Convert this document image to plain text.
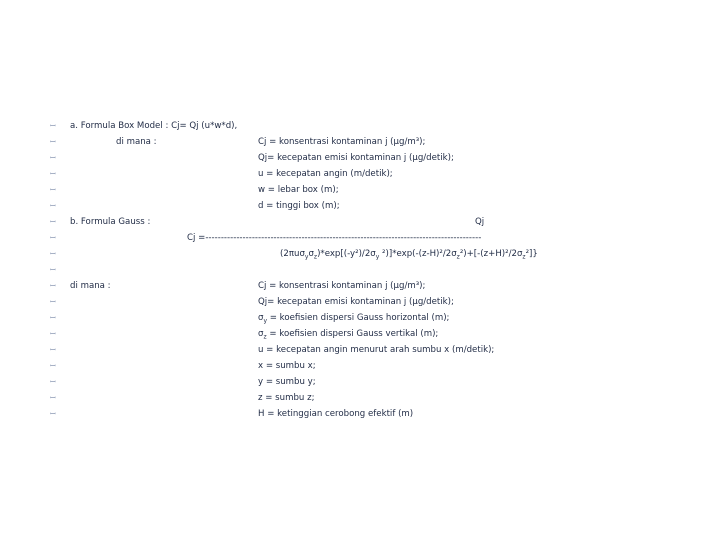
ꟷ a. Formula Box Model : Cj= Qj (u*w*d),
ꟷ	di mana :	Cj = konsentrasi kontaminan j (µg/m³);
ꟷ	Qj= kecepatan emisi kontaminan j (µg/detik);
ꟷ	u = kecepatan angin (m/detik);
ꟷ	w = lebar box (m);
ꟷ	d = tinggi box (m);
ꟷ b. Formula Gauss :	Qj
ꟷ	Cj =-----------------------------------------------------------------------------------------
ꟷ	$(2\pi u\sigma_y\sigma_z)*\exp[(-y^2)/2\sigma_y$ $^2)]*\exp(-(z-H)^2/2\sigma_z^2)+[-(z+H)^2/2\sigma_z^2]$}
ꟷ
ꟷ di mana :	Cj = konsentrasi kontaminan j (µg/m³);
ꟷ	Qj= kecepatan emisi kontaminan j (µg/detik);
ꟷ	$\sigma_y$ = koefisien dispersi Gauss horizontal (m);
ꟷ	$\sigma_z$ = koefisien dispersi Gauss vertikal (m);
ꟷ	u = kecepatan angin menurut arah sumbu x (m/detik);
ꟷ	x = sumbu x;
ꟷ	y = sumbu y;
ꟷ	z = sumbu z;
ꟷ	H = ketinggian cerobong efektif (m)
